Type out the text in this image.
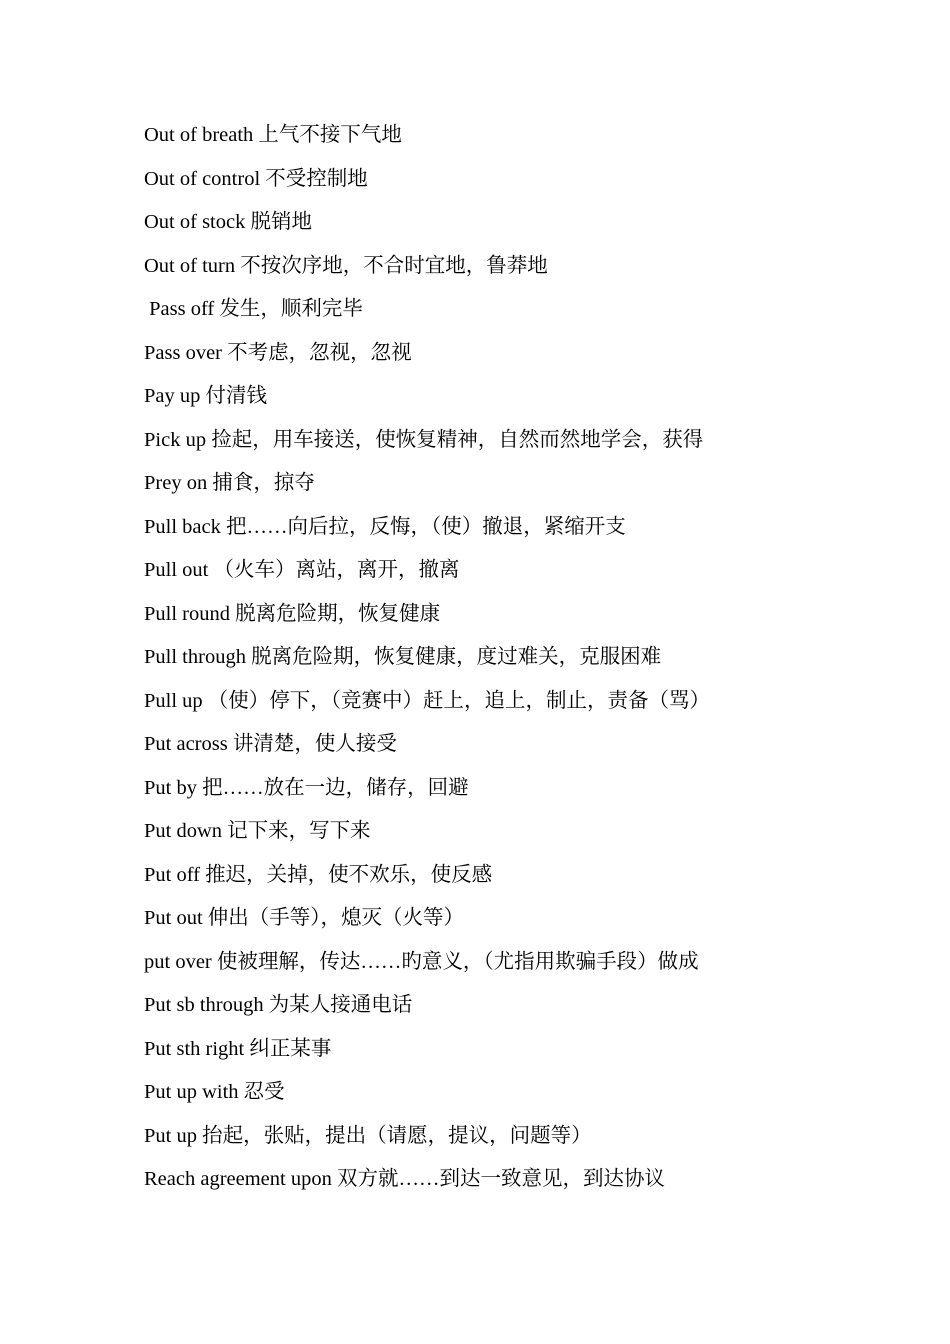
Out of breath 上气不接下气地
Out of control 不受控制地
Out of stock 脱销地
Out of turn 不按次序地，不合时宜地，鲁莽地
Pass off 发生，顺利完毕
Pass over 不考虑，忽视，忽视
Pay up 付清钱
Pick up 捡起，用车接送，使恢复精神，自然而然地学会，获得
Prey on 捕食，掠夺
Pull back 把……向后拉，反悔，（使）撤退，紧缩开支
Pull out （火车）离站，离开，撤离
Pull round 脱离危险期，恢复健康
Pull through 脱离危险期，恢复健康，度过难关，克服困难
Pull up （使）停下，（竞赛中）赶上，追上，制止，责备（骂）
Put across 讲清楚，使人接受
Put by 把……放在一边，储存，回避
Put down 记下来，写下来
Put off 推迟，关掉，使不欢乐，使反感
Put out 伸出（手等），熄灭（火等）
put over 使被理解，传达……旳意义，（尤指用欺骗手段）做成
Put sb through 为某人接通电话
Put sth right 纠正某事
Put up with 忍受
Put up 抬起，张贴，提出（请愿，提议，问题等）
Reach agreement upon 双方就……到达一致意见，到达协议
